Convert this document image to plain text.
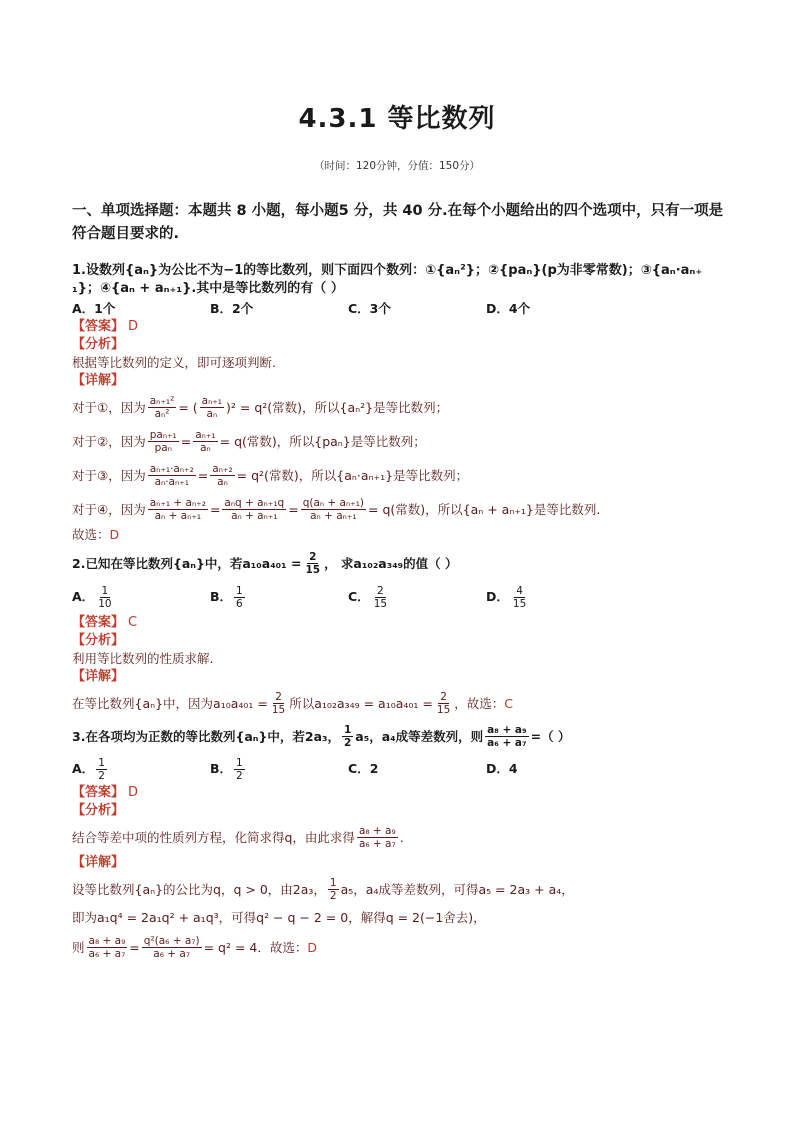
4.3.1 等比数列
（时间：120分钟，分值：150分）
一、单项选择题：本题共 8 小题，每小题5 分，共 40 分.在每个小题给出的四个选项中，只有一项是符合题目要求的.
1.设数列{aₙ}为公比不为−1的等比数列，则下面四个数列：①{aₙ²}；②{paₙ}(p为非零常数)；③{aₙ·aₙ₊
₁}；④{aₙ + aₙ₊₁}.其中是等比数列的有（ ）
A．1个	B．2个	C．3个	D．4个
【答案】 D
【分析】
根据等比数列的定义，即可逐项判断.
【详解】
对于①，因为 $\frac{\text{aₙ₊₁²}}{\text{aₙ²}}$ = ( $\frac{\text{aₙ₊₁}}{\text{aₙ}} )^2 = q^2$(常数)，所以{aₙ²}是等比数列；
对于②，因为 $\frac{\text{paₙ₊₁}}{\text{paₙ}} = \frac{\text{aₙ₊₁}}{\text{aₙ}} = q$(常数)，所以{paₙ}是等比数列；
对于③，因为 $\frac{\text{aₙ₊₁·aₙ₊₂}}{\text{aₙ·aₙ₊₁}} = \frac{\text{aₙ₊₂}}{\text{aₙ}} = q^2$(常数)，所以{aₙ·aₙ₊₁}是等比数列；
对于④，因为 $\frac{\text{aₙ₊₁ + aₙ₊₂}}{\text{aₙ + aₙ₊₁}} = \frac{\text{aₙq + aₙ₊₁q}}{\text{aₙ + aₙ₊₁}} = \frac{\text{q(aₙ + aₙ₊₁)}}{\text{aₙ + aₙ₊₁}} = q$(常数)，所以{aₙ + aₙ₊₁}是等比数列.
故选：D
2.已知在等比数列{aₙ}中，若$a_{10}a_{401} = \frac{2}{15}$ ， 求a₁₀₂a₃₄₉的值（ ）
A． $\frac{1}{10}$	B． $\frac{1}{6}$	C． $\frac{2}{15}$	D． $\frac{4}{15}$
【答案】 C
【分析】
利用等比数列的性质求解.
【详解】
在等比数列{aₙ}中，因为$a_{10}a_{401} = \frac{2}{15}$ 所以$a_{102}a_{349} = a_{10}a_{401} = \frac{2}{15}$ ，故选： C
3.在各项均为正数的等比数列{aₙ}中，若2a₃， $\frac{1}{2} a_5$，a₄成等差数列，则 $\frac{\text{a₈ + a₉}}{\text{a₆ + a₇}}$ =（ ）
A． $\frac{1}{2}$	B． $\frac{1}{2}$	C． 2	D． 4
【答案】 D
【分析】
结合等差中项的性质列方程，化简求得q，由此求得 $\frac{\text{a₈ + a₉}}{\text{a₆ + a₇}}$ .
【详解】
设等比数列{aₙ}的公比为q，q > 0，由2a₃， $\frac{1}{2} a_5$，a₄成等差数列，可得a₅ = 2a₃ + a₄，
即为a₁q⁴ = 2a₁q² + a₁q³，可得q² − q − 2 = 0，解得q = 2(−1舍去)，
则 $\frac{\text{a₈ + a₉}}{\text{a₆ + a₇}} = \frac{\text{q²(a₆ + a₇)}}{\text{a₆ + a₇}} = q^2 = 4$．故选： D
